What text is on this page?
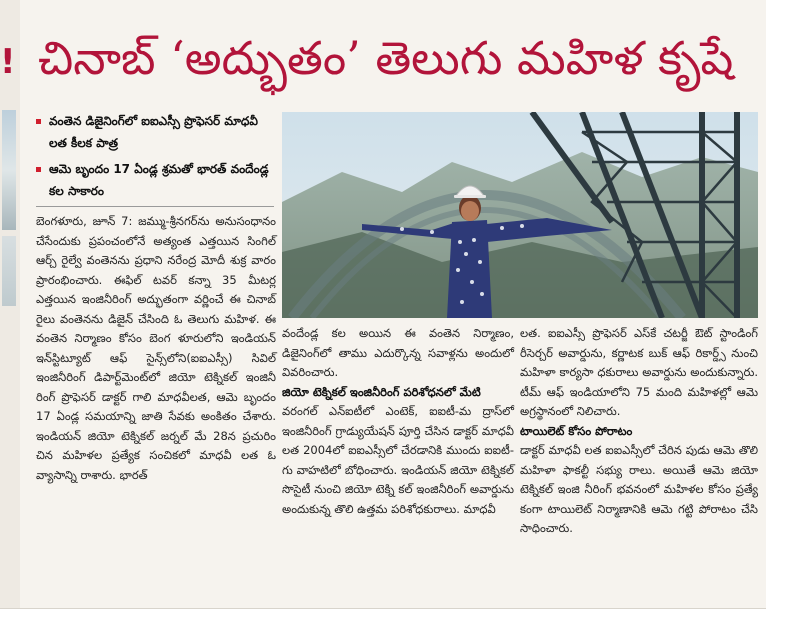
! చినాబ్ ‘అద్భుతం’ తెలుగు మహిళ కృషే
వంతెన డిజైనింగ్‌లో ఐఐఎస్సీ ప్రొఫెసర్ మాధవీ లత కీలక పాత్ర
ఆమె బృందం 17 ఏండ్ల శ్రమతో భారత్ వందేండ్ల కల సాకారం

బెంగళూరు, జూన్ 7: జమ్ము-శ్రీనగర్‌ను అనుసంధానం చేసేందుకు ప్రపంచంలోనే అత్యంత ఎత్తయిన సింగిల్ ఆర్చ్ రైల్వే వంతెనను ప్రధాని నరేంద్ర మోదీ శుక్ర వారం ప్రారంభించారు. ఈఫిల్ టవర్ కన్నా 35 మీటర్ల ఎత్తయిన ఇంజినీరింగ్ అద్భుతంగా వర్ణించే ఈ చినాబ్ రైలు వంతెనను డిజైన్ చేసింది ఓ తెలుగు మహిళ. ఈ వంతెన నిర్మాణం కోసం బెంగ ళూరులోని ఇండియన్ ఇన్‌స్టిట్యూట్ ఆఫ్ సైన్స్‌లోని(ఐఐఎస్సీ) సివిల్ ఇంజినీరింగ్ డిపార్ట్‌మెంట్‌లో జియో టెక్నికల్ ఇంజినీ రింగ్ ప్రొఫెసర్ డాక్టర్ గాలి మాధవీలత, ఆమె బృందం 17 ఏండ్ల సమయాన్ని జాతి సేవకు అంకితం చేశారు. ఇండియన్ జియో టెక్నికల్ జర్నల్ మే 28న ప్రచురిం చిన మహిళల ప్రత్యేక సంచికలో మాధవీ లత ఓ వ్యాసాన్ని రాశారు. భారత్

వందేండ్ల కల అయిన ఈ వంతెన నిర్మాణం, డిజైనింగ్‌లో తాము ఎదుర్కొన్న సవాళ్లను అందులో వివరించారు.

జియో టెక్నికల్ ఇంజినీరింగ్ పరిశోధనలో మేటి

వరంగల్ ఎన్ఐటీలో ఎంటెక్, ఐఐటీ-మ ద్రాస్‌లో ఇంజినీరింగ్ గ్రాడ్యుయేషన్ పూర్తి చేసిన డాక్టర్ మాధవీ లత 2004లో ఐఐఎస్సీలో చేరడానికి ముందు ఐఐటీ-గు వాహటిలో బోధించారు. ఇండియన్ జియో టెక్నికల్ సొసైటీ నుంచి జియో టెక్ని కల్ ఇంజినీరింగ్ అవార్డును అందుకున్న తొలి ఉత్తమ పరిశోధకురాలు. మాధవీ

లత. ఐఐఎస్సీ ప్రొఫెసర్ ఎస్‌కే చటర్జీ ఔట్ స్టాండింగ్ రీసెర్చర్ అవార్డును, కర్ణాటక బుక్ ఆఫ్ రికార్డ్స్ నుంచి మహిళా కార్యసా ధకురాలు అవార్డును అందుకున్నారు. టీమ్ ఆఫ్ ఇండియాలోని 75 మంది మహిళల్లో ఆమె అగ్రస్థానంలో నిలిచారు.

టాయిలెట్ కోసం పోరాటం

డాక్టర్ మాధవీ లత ఐఐఎస్సీలో చేరిన పుడు ఆమె తొలి మహిళా ఫాకల్టీ సభ్యు రాలు. అయితే ఆమె జియో టెక్నికల్ ఇంజి నీరింగ్ భవనంలో మహిళల కోసం ప్రత్యే కంగా టాయిలెట్ నిర్మాణానికి ఆమె గట్టి పోరాటం చేసి సాధించారు.
